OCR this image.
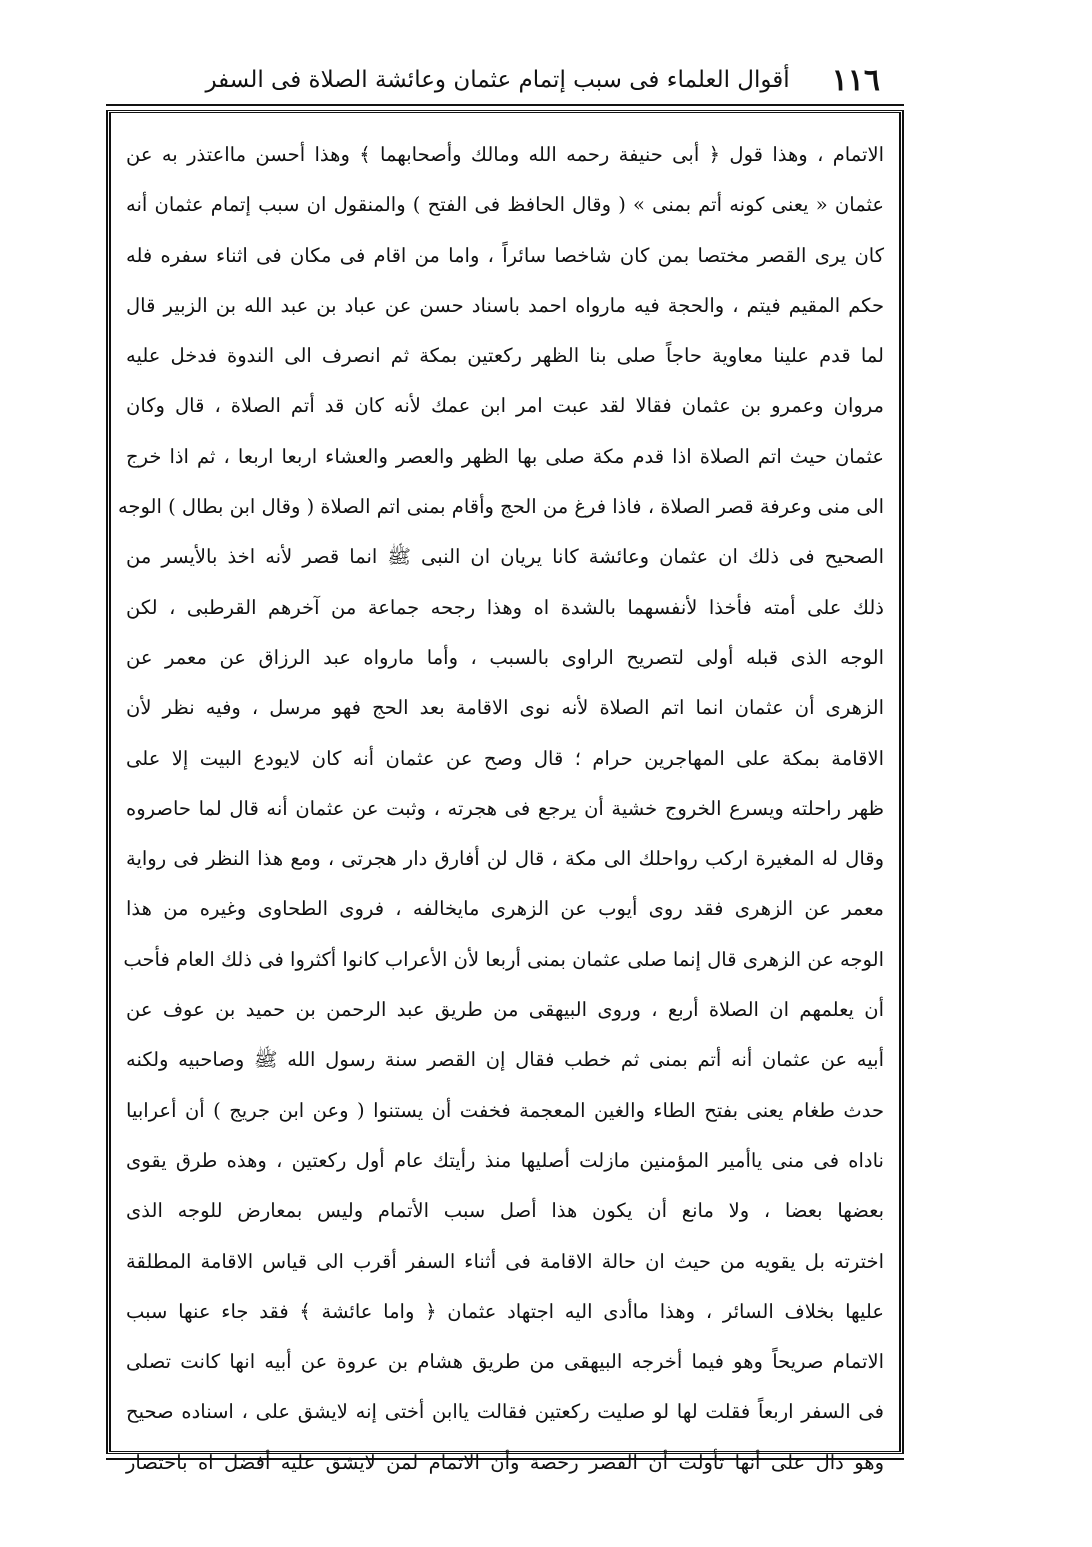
١١٦
أقوال العلماء فى سبب إتمام عثمان وعائشة الصلاة فى السفر
الاتمام ، وهذا قول ﴿ أبى حنيفة رحمه الله ومالك وأصحابهما ﴾ وهذا أحسن مااعتذر به عن
عثمان « يعنى كونه أتم بمنى » ( وقال الحافظ فى الفتح ) والمنقول ان سبب إتمام عثمان أنه
كان يرى القصر مختصا بمن كان شاخصا سائراً ، واما من اقام فى مكان فى اثناء سفره فله
حكم المقيم فيتم ، والحجة فيه مارواه احمد باسناد حسن عن عباد بن عبد الله بن الزبير قال
لما قدم علينا معاوية حاجاً صلى بنا الظهر ركعتين بمكة ثم انصرف الى الندوة فدخل عليه
مروان وعمرو بن عثمان فقالا لقد عبت امر ابن عمك لأنه كان قد أتم الصلاة ، قال وكان
عثمان حيث اتم الصلاة اذا قدم مكة صلى بها الظهر والعصر والعشاء اربعا اربعا ، ثم اذا خرج
الى منى وعرفة قصر الصلاة ، فاذا فرغ من الحج وأقام بمنى اتم الصلاة ( وقال ابن بطال ) الوجه
الصحيح فى ذلك ان عثمان وعائشة كانا يريان ان النبى ﷺ انما قصر لأنه اخذ بالأيسر من
ذلك على أمته فأخذا لأنفسهما بالشدة اه وهذا رجحه جماعة من آخرهم القرطبى ، لكن
الوجه الذى قبله أولى لتصريح الراوى بالسبب ، وأما مارواه عبد الرزاق عن معمر عن
الزهرى أن عثمان انما اتم الصلاة لأنه نوى الاقامة بعد الحج فهو مرسل ، وفيه نظر لأن
الاقامة بمكة على المهاجرين حرام ؛ قال وصح عن عثمان أنه كان لايودع البيت إلا على
ظهر راحلته ويسرع الخروج خشية أن يرجع فى هجرته ، وثبت عن عثمان أنه قال لما حاصروه
وقال له المغيرة اركب رواحلك الى مكة ، قال لن أفارق دار هجرتى ، ومع هذا النظر فى رواية
معمر عن الزهرى فقد روى أيوب عن الزهرى مايخالفه ، فروى الطحاوى وغيره من هذا
الوجه عن الزهرى قال إنما صلى عثمان بمنى أربعا لأن الأعراب كانوا أكثروا فى ذلك العام فأحب
أن يعلمهم ان الصلاة أربع ، وروى البيهقى من طريق عبد الرحمن بن حميد بن عوف عن
أبيه عن عثمان أنه أتم بمنى ثم خطب فقال إن القصر سنة رسول الله ﷺ وصاحبيه ولكنه
حدث طغام يعنى بفتح الطاء والغين المعجمة فخفت أن يستنوا ( وعن ابن جريج ) أن أعرابيا
ناداه فى منى ياأمير المؤمنين مازلت أصليها منذ رأيتك عام أول ركعتين ، وهذه طرق يقوى
بعضها بعضا ، ولا مانع أن يكون هذا أصل سبب الأتمام وليس بمعارض للوجه الذى
اخترته بل يقويه من حيث ان حالة الاقامة فى أثناء السفر أقرب الى قياس الاقامة المطلقة
عليها بخلاف السائر ، وهذا ماأدى اليه اجتهاد عثمان ﴿ واما عائشة ﴾ فقد جاء عنها سبب
الاتمام صريحاً وهو فيما أخرجه البيهقى من طريق هشام بن عروة عن أبيه انها كانت تصلى
فى السفر اربعاً فقلت لها لو صليت ركعتين فقالت ياابن أختى إنه لايشق على ، اسناده صحيح
وهو دال على أنها تأولت أن القصر رخصة وأن الاتمام لمن لايشق عليه أفضل اه باختصار
